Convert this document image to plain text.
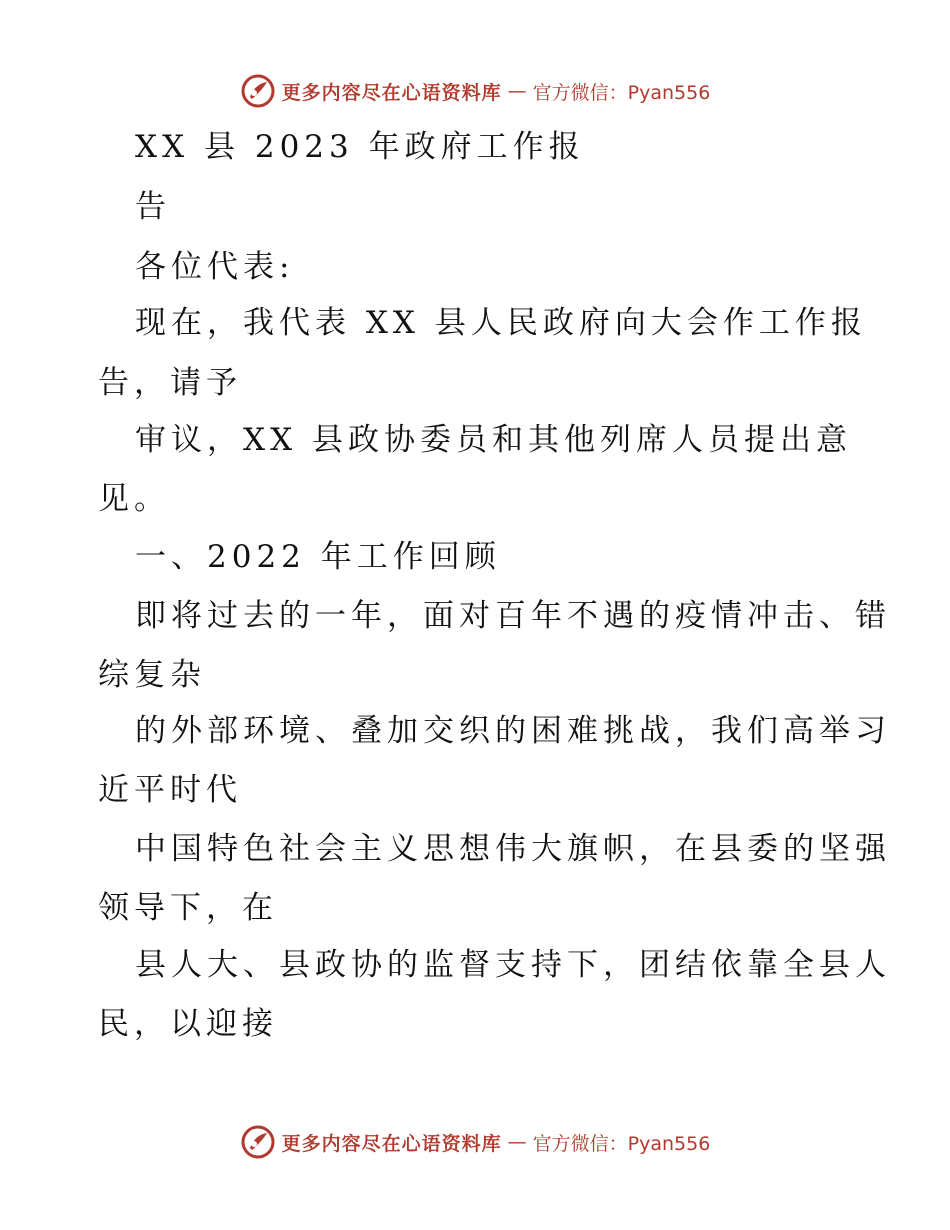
更多内容尽在心语资料库 — 官方微信：Pyan556
XX 县 2023 年政府工作报
告
各位代表:
现在，我代表 XX 县人民政府向大会作工作报
告，请予
审议，XX 县政协委员和其他列席人员提出意
见。
一、2022 年工作回顾
即将过去的一年，面对百年不遇的疫情冲击、错
综复杂
的外部环境、叠加交织的困难挑战，我们高举习
近平时代
中国特色社会主义思想伟大旗帜，在县委的坚强
领导下，在
县人大、县政协的监督支持下，团结依靠全县人
民，以迎接
更多内容尽在心语资料库 — 官方微信：Pyan556
